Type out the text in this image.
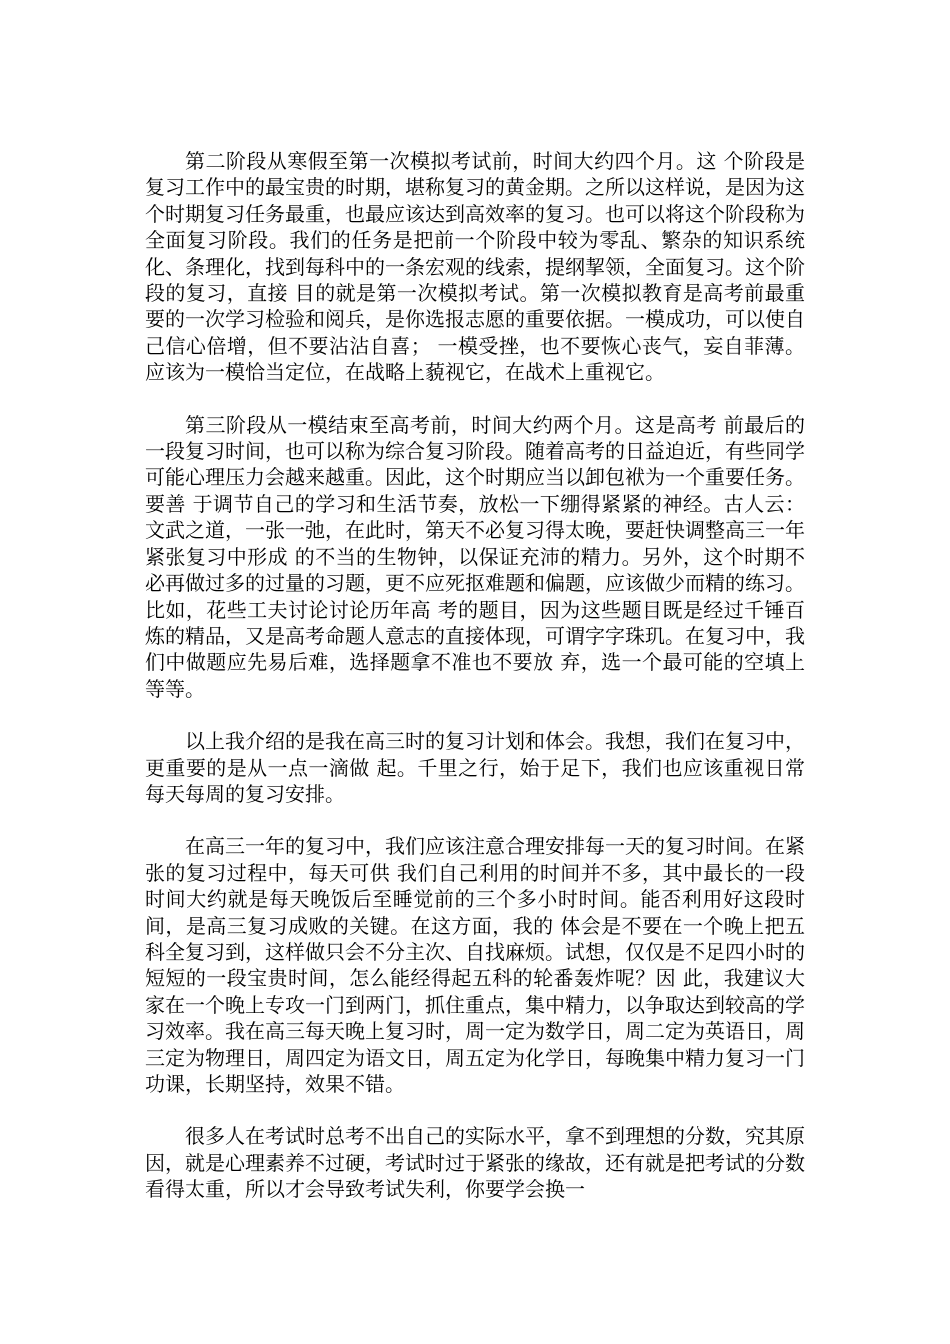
第二阶段从寒假至第一次模拟考试前，时间大约四个月。这 个阶段是复习工作中的最宝贵的时期，堪称复习的黄金期。之所以这样说，是因为这个时期复习任务最重，也最应该达到高效率的复习。也可以将这个阶段称为 全面复习阶段。我们的任务是把前一个阶段中较为零乱、繁杂的知识系统化、条理化，找到每科中的一条宏观的线索，提纲挈领，全面复习。这个阶段的复习，直接 目的就是第一次模拟考试。第一次模拟教育是高考前最重要的一次学习检验和阅兵，是你选报志愿的重要依据。一模成功，可以使自己信心倍增，但不要沾沾自喜； 一模受挫，也不要恢心丧气，妄自菲薄。应该为一模恰当定位，在战略上藐视它，在战术上重视它。

第三阶段从一模结束至高考前，时间大约两个月。这是高考 前最后的一段复习时间，也可以称为综合复习阶段。随着高考的日益迫近，有些同学可能心理压力会越来越重。因此，这个时期应当以卸包袱为一个重要任务。要善 于调节自己的学习和生活节奏，放松一下绷得紧紧的神经。古人云：文武之道，一张一弛，在此时，第天不必复习得太晚，要赶快调整高三一年紧张复习中形成 的不当的生物钟，以保证充沛的精力。另外，这个时期不必再做过多的过量的习题，更不应死抠难题和偏题，应该做少而精的练习。比如，花些工夫讨论讨论历年高 考的题目，因为这些题目既是经过千锤百炼的精品，又是高考命题人意志的直接体现，可谓字字珠玑。在复习中，我们中做题应先易后难，选择题拿不准也不要放 弃，选一个最可能的空填上等等。

以上我介绍的是我在高三时的复习计划和体会。我想，我们在复习中，更重要的是从一点一滴做 起。千里之行，始于足下，我们也应该重视日常每天每周的复习安排。

在高三一年的复习中，我们应该注意合理安排每一天的复习时间。在紧张的复习过程中，每天可供 我们自己利用的时间并不多，其中最长的一段时间大约就是每天晚饭后至睡觉前的三个多小时时间。能否利用好这段时间，是高三复习成败的关键。在这方面，我的 体会是不要在一个晚上把五科全复习到，这样做只会不分主次、自找麻烦。试想，仅仅是不足四小时的短短的一段宝贵时间，怎么能经得起五科的轮番轰炸呢？因 此，我建议大家在一个晚上专攻一门到两门，抓住重点，集中精力，以争取达到较高的学习效率。我在高三每天晚上复习时，周一定为数学日，周二定为英语日，周 三定为物理日，周四定为语文日，周五定为化学日，每晚集中精力复习一门功课，长期坚持，效果不错。

很多人在考试时总考不出自己的实际水平，拿不到理想的分数，究其原因，就是心理素养不过硬，考试时过于紧张的缘故，还有就是把考试的分数看得太重，所以才会导致考试失利，你要学会换一
